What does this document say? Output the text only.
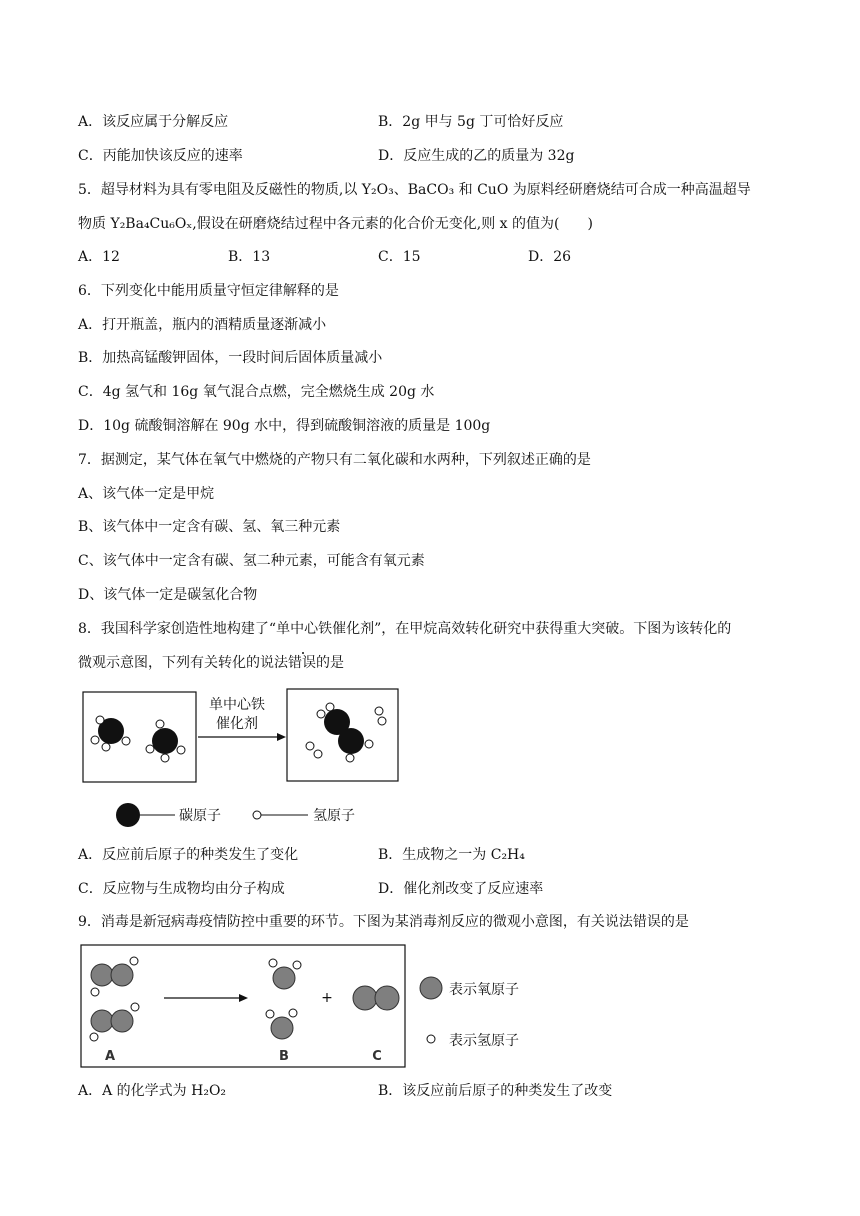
A．该反应属于分解反应	B．2g 甲与 5g 丁可恰好反应
C．丙能加快该反应的速率	D．反应生成的乙的质量为 32g
5．超导材料为具有零电阻及反磁性的物质,以 Y₂O₃、BaCO₃ 和 CuO 为原料经研磨烧结可合成一种高温超导
物质 Y₂Ba₄Cu₆Oₓ,假设在研磨烧结过程中各元素的化合价无变化,则 x 的值为(　　)
A．12	B．13	C．15	D．26
6．下列变化中能用质量守恒定律解释的是
A．打开瓶盖，瓶内的酒精质量逐渐减小
B．加热高锰酸钾固体，一段时间后固体质量减小
C．4g 氢气和 16g 氧气混合点燃，完全燃烧生成 20g 水
D．10g 硫酸铜溶解在 90g 水中，得到硫酸铜溶液的质量是 100g
7．据测定，某气体在氧气中燃烧的产物只有二氧化碳和水两种，下列叙述正确的是
A、该气体一定是甲烷
B、该气体中一定含有碳、氢、氧三种元素
C、该气体中一定含有碳、氢二种元素，可能含有氧元素
D、该气体一定是碳氢化合物
8．我国科学家创造性地构建了“单中心铁催化剂”，在甲烷高效转化研究中获得重大突破。下图为该转化的
微观示意图，下列有关转化的说法错误的是
单中心铁
催化剂
碳原子	氢原子
A．反应前后原子的种类发生了变化	B．生成物之一为 C₂H₄
C．反应物与生成物均由分子构成	D．催化剂改变了反应速率
9．消毒是新冠病毒疫情防控中重要的环节。下图为某消毒剂反应的微观小意图，有关说法错误的是
A	B
+
C
表示氧原子
表示氢原子
A．A 的化学式为 H₂O₂	B．该反应前后原子的种类发生了改变
